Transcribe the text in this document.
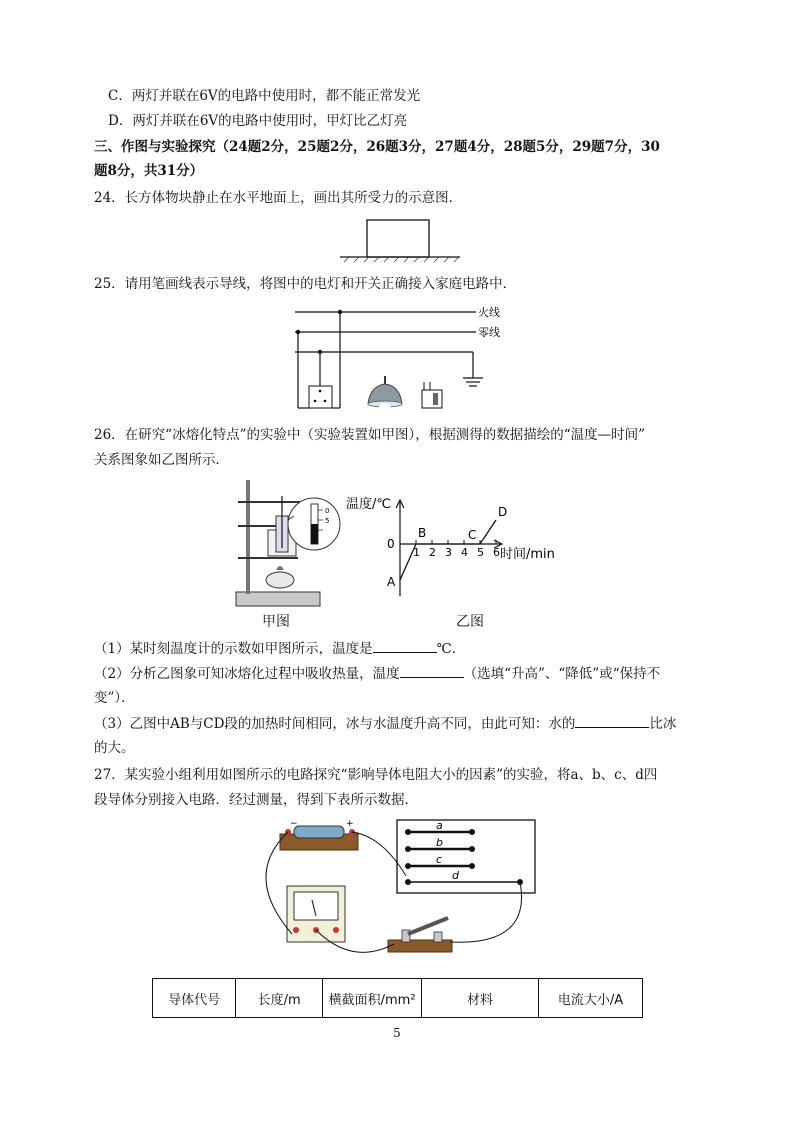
C．两灯并联在6V的电路中使用时，都不能正常发光
D．两灯并联在6V的电路中使用时，甲灯比乙灯亮
三、作图与实验探究（24题2分，25题2分，26题3分，27题4分，28题5分，29题7分，30
题8分，共31分）
24．长方体物块静止在水平地面上，画出其所受力的示意图．
25．请用笔画线表示导线，将图中的电灯和开关正确接入家庭电路中．
火线
零线
26．在研究“冰熔化特点”的实验中（实验装置如甲图），根据测得的数据描绘的“温度—时间”
关系图象如乙图所示．
0
5
甲图
温度/℃
时间/min
0
1 2 3 4 5 6
A
B	C
D
乙图
（1）某时刻温度计的示数如甲图所示，温度是	℃．
（2）分析乙图象可知冰熔化过程中吸收热量，温度	（选填“升高”、“降低”或“保持不
变”）．
（3）乙图中AB与CD段的加热时间相同，冰与水温度升高不同，由此可知：水的	比冰
的大。
27．某实验小组利用如图所示的电路探究“影响导体电阻大小的因素”的实验，将a、b、c、d四
段导体分别接入电路．经过测量，得到下表所示数据．
−	+	a
b
c
d
导体代号	长度/m	横截面积/mm²	材料	电流大小/A
5
